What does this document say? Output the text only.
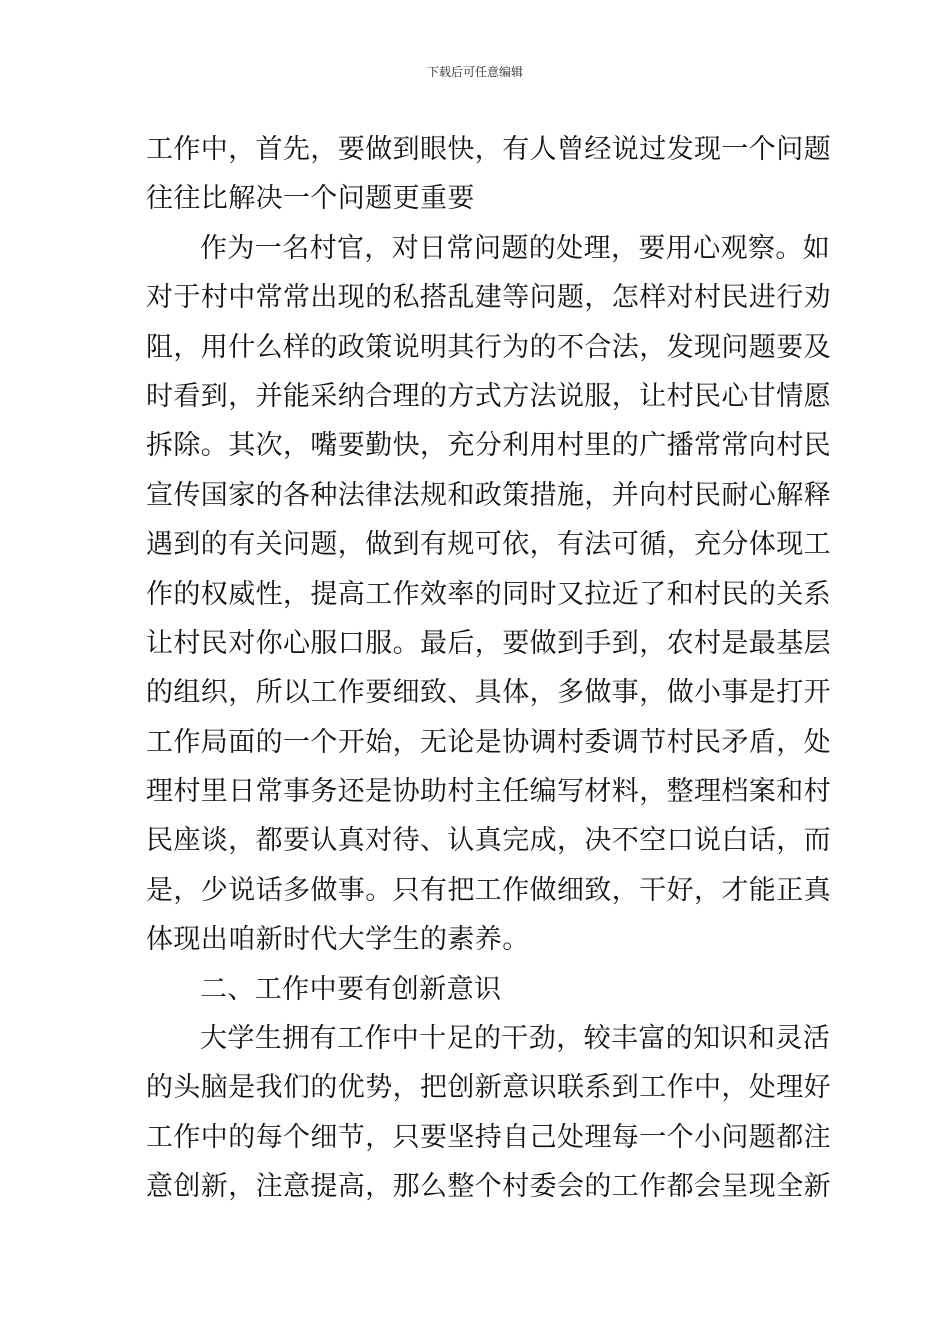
下载后可任意编辑
工作中，首先，要做到眼快，有人曾经说过发现一个问题
往往比解决一个问题更重要
作为一名村官，对日常问题的处理，要用心观察。如
对于村中常常出现的私搭乱建等问题，怎样对村民进行劝
阻，用什么样的政策说明其行为的不合法，发现问题要及
时看到，并能采纳合理的方式方法说服，让村民心甘情愿
拆除。其次，嘴要勤快，充分利用村里的广播常常向村民
宣传国家的各种法律法规和政策措施，并向村民耐心解释
遇到的有关问题，做到有规可依，有法可循，充分体现工
作的权威性，提高工作效率的同时又拉近了和村民的关系
让村民对你心服口服。最后，要做到手到，农村是最基层
的组织，所以工作要细致、具体，多做事，做小事是打开
工作局面的一个开始，无论是协调村委调节村民矛盾，处
理村里日常事务还是协助村主任编写材料，整理档案和村
民座谈，都要认真对待、认真完成，决不空口说白话，而
是，少说话多做事。只有把工作做细致，干好，才能正真
体现出咱新时代大学生的素养。
二、工作中要有创新意识
大学生拥有工作中十足的干劲，较丰富的知识和灵活
的头脑是我们的优势，把创新意识联系到工作中，处理好
工作中的每个细节，只要坚持自己处理每一个小问题都注
意创新，注意提高，那么整个村委会的工作都会呈现全新
